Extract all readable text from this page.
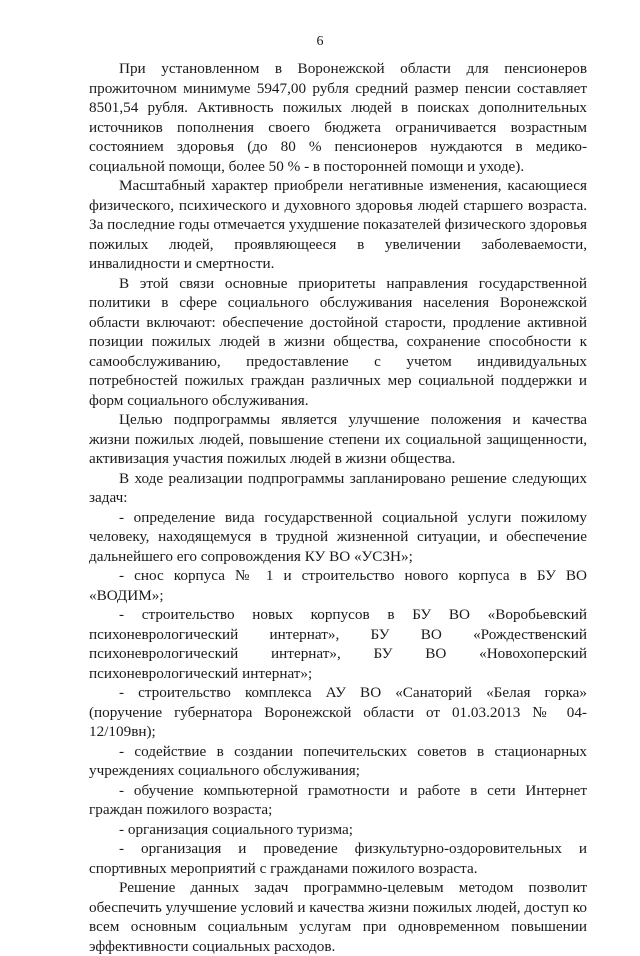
6

При установленном в Воронежской области для пенсионеров прожиточном минимуме 5947,00 рубля средний размер пенсии составляет 8501,54 рубля. Активность пожилых людей в поисках дополнительных источников пополнения своего бюджета ограничивается возрастным состоянием здоровья (до 80 % пенсионеров нуждаются в медико-социальной помощи, более 50 % - в посторонней помощи и уходе).

Масштабный характер приобрели негативные изменения, касающиеся физического, психического и духовного здоровья людей старшего возраста. За последние годы отмечается ухудшение показателей физического здоровья пожилых людей, проявляющееся в увеличении заболеваемости, инвалидности и смертности.

В этой связи основные приоритеты направления государственной политики в сфере социального обслуживания населения Воронежской области включают: обеспечение достойной старости, продление активной позиции пожилых людей в жизни общества, сохранение способности к самообслуживанию, предоставление с учетом индивидуальных потребностей пожилых граждан различных мер социальной поддержки и форм социального обслуживания.

Целью подпрограммы является улучшение положения и качества жизни пожилых людей, повышение степени их социальной защищенности, активизация участия пожилых людей в жизни общества.

В ходе реализации подпрограммы запланировано решение следующих задач:

- определение вида государственной социальной услуги пожилому человеку, находящемуся в трудной жизненной ситуации, и обеспечение дальнейшего его сопровождения КУ ВО «УСЗН»;

- снос корпуса № 1 и строительство нового корпуса в БУ ВО «ВОДИМ»;

- строительство новых корпусов в БУ ВО «Воробьевский психоневрологический интернат», БУ ВО «Рождественский психоневрологический интернат», БУ ВО «Новохоперский психоневрологический интернат»;

- строительство комплекса АУ ВО «Санаторий «Белая горка» (поручение губернатора Воронежской области от 01.03.2013 № 04-12/109вн);

- содействие в создании попечительских советов в стационарных учреждениях социального обслуживания;

- обучение компьютерной грамотности и работе в сети Интернет граждан пожилого возраста;

- организация социального туризма;

- организация и проведение физкультурно-оздоровительных и спортивных мероприятий с гражданами пожилого возраста.

Решение данных задач программно-целевым методом позволит обеспечить улучшение условий и качества жизни пожилых людей, доступ ко всем основным социальным услугам при одновременном повышении эффективности социальных расходов.
